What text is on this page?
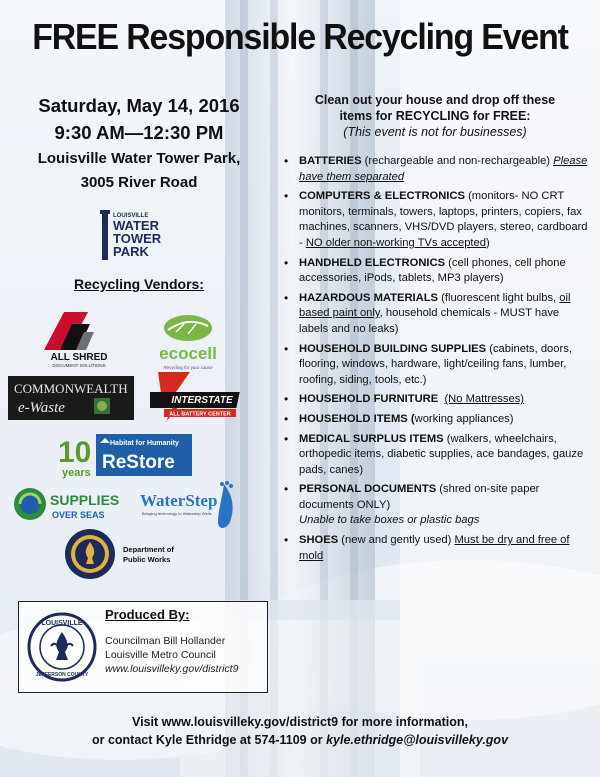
FREE Responsible Recycling Event
Saturday, May 14, 2016
9:30 AM—12:30 PM
Louisville Water Tower Park,
3005 River Road
LOUISVILLE
WATER
TOWER
PARK
Recycling Vendors:
ALL SHRED
DOCUMENT SOLUTIONS
ecocell
Recycling for your cause
COMMONWEALTH
e-Waste	INTERSTATE
ALL BATTERY CENTER
10
years
Habitat for Humanity
ReStore
SUPPLIES
OVER SEAS
WaterStep
Bringing technology to Waterstep Wells
Department of
Public Works
LOUISVILLE
JEFFERSON COUNTY
Produced By:
Councilman Bill Hollander
Louisville Metro Council
www.louisvilleky.gov/district9
Clean out your house and drop off these
items for RECYCLING for FREE:
(This event is not for businesses)
• BATTERIES (rechargeable and non-rechargeable) Please have them separated
• COMPUTERS & ELECTRONICS (monitors- NO CRT monitors, terminals, towers, laptops, printers, copiers, fax machines, scanners, VHS/DVD players, stereo, cardboard - NO older non-working TVs accepted)
• HANDHELD ELECTRONICS (cell phones, cell phone accessories, iPods, tablets, MP3 players)
• HAZARDOUS MATERIALS (fluorescent light bulbs, oil based paint only, household chemicals - MUST have labels and no leaks)
• HOUSEHOLD BUILDING SUPPLIES (cabinets, doors, flooring, windows, hardware, light/ceiling fans, lumber, roofing, siding, tools, etc.)
• HOUSEHOLD FURNITURE (No Mattresses)
• HOUSEHOLD ITEMS (working appliances)
• MEDICAL SURPLUS ITEMS (walkers, wheelchairs, orthopedic items, diabetic supplies, ace bandages, gauze pads, canes)
• PERSONAL DOCUMENTS (shred on-site paper documents ONLY)
Unable to take boxes or plastic bags
• SHOES (new and gently used) Must be dry and free of mold
Visit www.louisvilleky.gov/district9 for more information,
or contact Kyle Ethridge at 574-1109 or kyle.ethridge@louisvilleky.gov
